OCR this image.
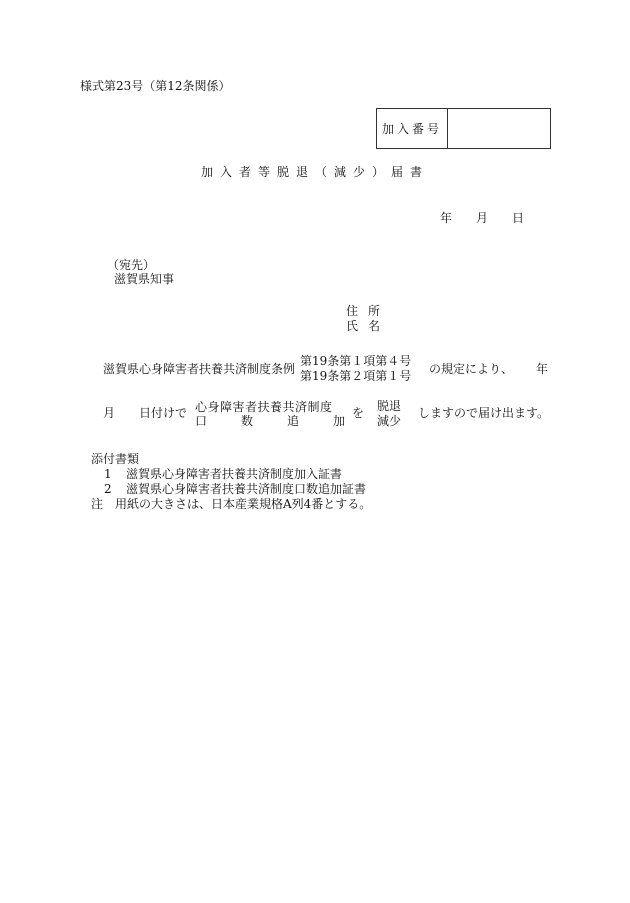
様式第23号（第12条関係）
加入番号
加入者等脱退（減少）届書
年 月 日
（宛先）
滋賀県知事
住所
氏名
滋賀県心身障害者扶養共済制度条例
第19条第１項第４号
第19条第２項第１号 の規定により、 年
月 日付けで 心身障害者扶養共済制度
口	数	追	加
を 脱退
減少
しますので届け出ます。
添付書類
1 滋賀県心身障害者扶養共済制度加入証書
2 滋賀県心身障害者扶養共済制度口数追加証書
注　用紙の大きさは、日本産業規格A列4番とする。
